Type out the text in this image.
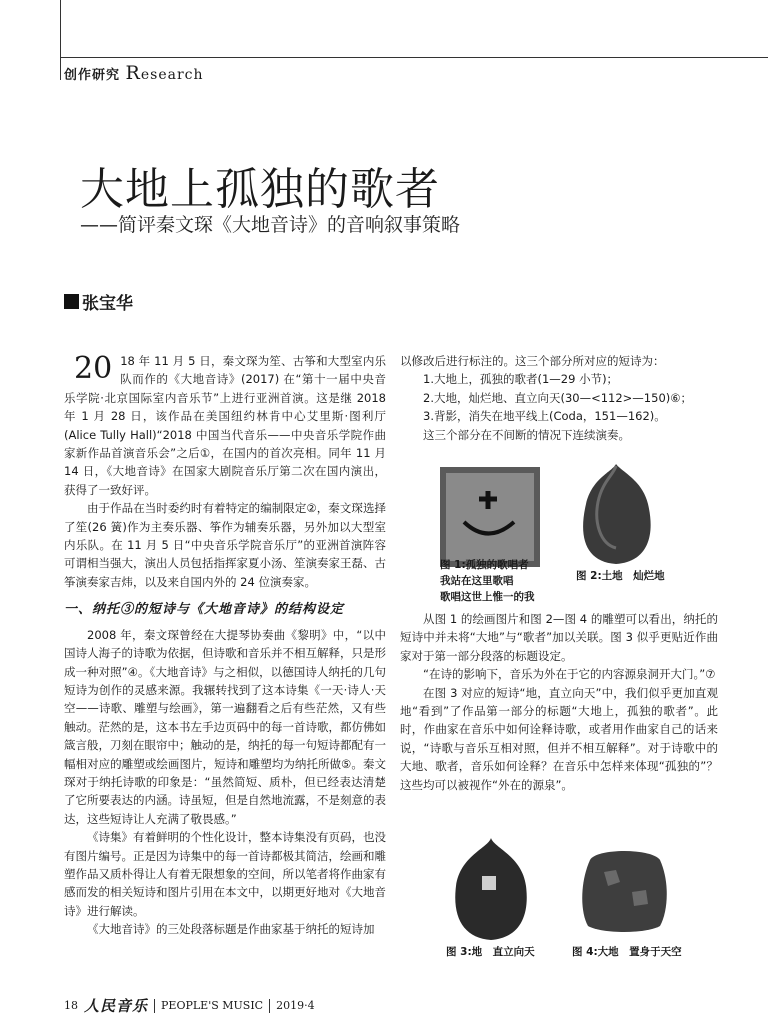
创作研究 Research
大地上孤独的歌者
——简评秦文琛《大地音诗》的音响叙事策略
张宝华

20 18 年 11 月 5 日，秦文琛为笙、古筝和大型室内乐队而作的《大地音诗》(2017) 在“第十一届中央音乐学院·北京国际室内音乐节”上进行亚洲首演。这是继 2018 年 1 月 28 日，该作品在美国纽约林肯中心艾里斯·图利厅(Alice Tully Hall)“2018 中国当代音乐——中央音乐学院作曲家新作品首演音乐会”之后①，在国内的首次亮相。同年 11 月 14 日，《大地音诗》在国家大剧院音乐厅第二次在国内演出，获得了一致好评。

由于作品在当时委约时有着特定的编制限定②，秦文琛选择了笙(26 簧)作为主奏乐器、筝作为辅奏乐器，另外加以大型室内乐队。在 11 月 5 日“中央音乐学院音乐厅”的亚洲首演阵容可谓相当强大，演出人员包括指挥家夏小汤、笙演奏家王磊、古筝演奏家吉炜，以及来自国内外的 24 位演奏家。

一、纳托③的短诗与《大地音诗》的结构设定

2008 年，秦文琛曾经在大提琴协奏曲《黎明》中，“以中国诗人海子的诗歌为依据，但诗歌和音乐并不相互解释，只是形成一种对照”④。《大地音诗》与之相似，以德国诗人纳托的几句短诗为创作的灵感来源。我辗转找到了这本诗集《一天·诗人·天空——诗歌、雕塑与绘画》，第一遍翻看之后有些茫然，又有些触动。茫然的是，这本书左手边页码中的每一首诗歌，都仿佛如箴言般，刀刻在眼帘中；触动的是，纳托的每一句短诗都配有一幅相对应的雕塑或绘画图片，短诗和雕塑均为纳托所做⑤。秦文琛对于纳托诗歌的印象是：“虽然简短、质朴，但已经表达清楚了它所要表达的内涵。诗虽短，但是自然地流露，不是刻意的表达，这些短诗让人充满了敬畏感。”

《诗集》有着鲜明的个性化设计，整本诗集没有页码，也没有图片编号。正是因为诗集中的每一首诗都极其简洁，绘画和雕塑作品又质朴得让人有着无限想象的空间，所以笔者将作曲家有感而发的相关短诗和图片引用在本文中，以期更好地对《大地音诗》进行解读。

《大地音诗》的三处段落标题是作曲家基于纳托的短诗加

以修改后进行标注的。这三个部分所对应的短诗为：

1.大地上，孤独的歌者(1—29 小节)；

2.大地，灿烂地、直立向天(30—<112>—150)⑥；

3.背影，消失在地平线上(Coda，151—162)。

这三个部分在不间断的情况下连续演奏。

图 1:孤独的歌唱者
我站在这里歌唱
歌唱这世上惟一的我
图 2:土地　灿烂地

从图 1 的绘画图片和图 2—图 4 的雕塑可以看出，纳托的短诗中并未将“大地”与“歌者”加以关联。图 3 似乎更贴近作曲家对于第一部分段落的标题设定。

“在诗的影响下，音乐为外在于它的内容源泉洞开大门。”⑦

在图 3 对应的短诗“地，直立向天”中，我们似乎更加直观地“看到”了作品第一部分的标题“大地上，孤独的歌者”。此时，作曲家在音乐中如何诠释诗歌，或者用作曲家自己的话来说，“诗歌与音乐互相对照，但并不相互解释”。对于诗歌中的大地、歌者，音乐如何诠释？在音乐中怎样来体现“孤独的”？这些均可以被视作“外在的源泉”。

图 3:地　直立向天	图 4:大地　置身于天空
18 人民音乐 PEOPLE'S MUSIC 2019·4
